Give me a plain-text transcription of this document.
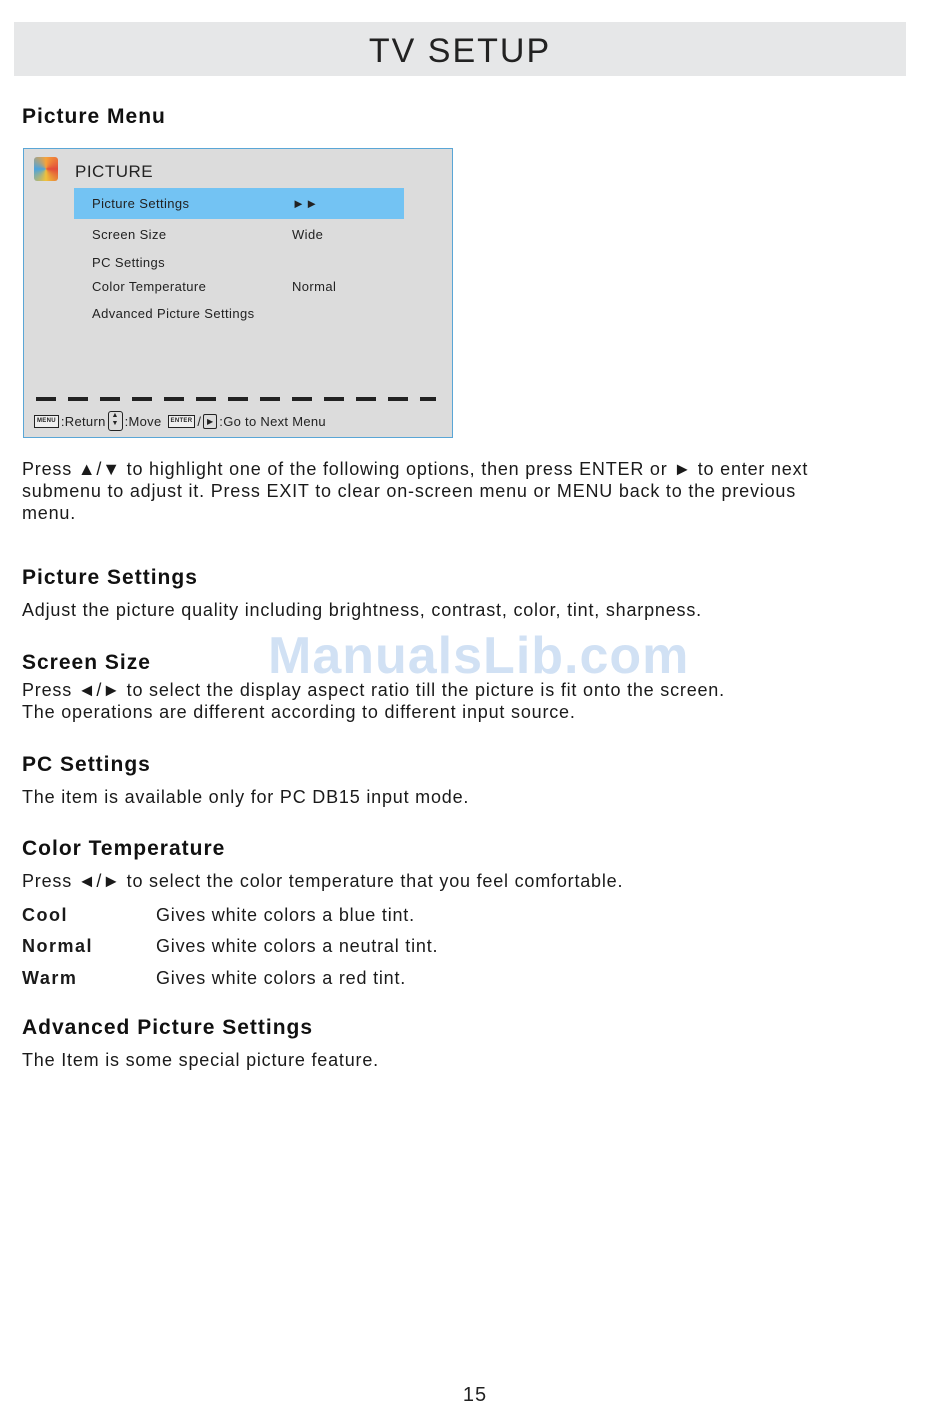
TV SETUP
Picture Menu
PICTURE
Picture Settings	►►
Screen Size	Wide
PC Settings
Color Temperature	Normal
Advanced Picture Settings
MENU :Return ▲
▼ :Move	ENTER / ▶ :Go to Next Menu
Press ▲/▼ to highlight one of the following options, then press ENTER or ► to enter next
submenu to adjust it. Press EXIT to clear on-screen menu or MENU back to the previous
menu.
Picture Settings
Adjust the picture quality including brightness, contrast, color, tint, sharpness.
ManualsLib.com
Screen Size
Press ◄/► to select the display aspect ratio till the picture is fit onto the screen.
The operations are different according to different input source.
PC Settings
The item is available only for PC DB15 input mode.
Color Temperature
Press ◄/► to select the color temperature that you feel comfortable.
Cool	Gives white colors a blue tint.
Normal	Gives white colors a neutral tint.
Warm	Gives white colors a red tint.
Advanced Picture Settings
The Item is some special picture feature.
15
